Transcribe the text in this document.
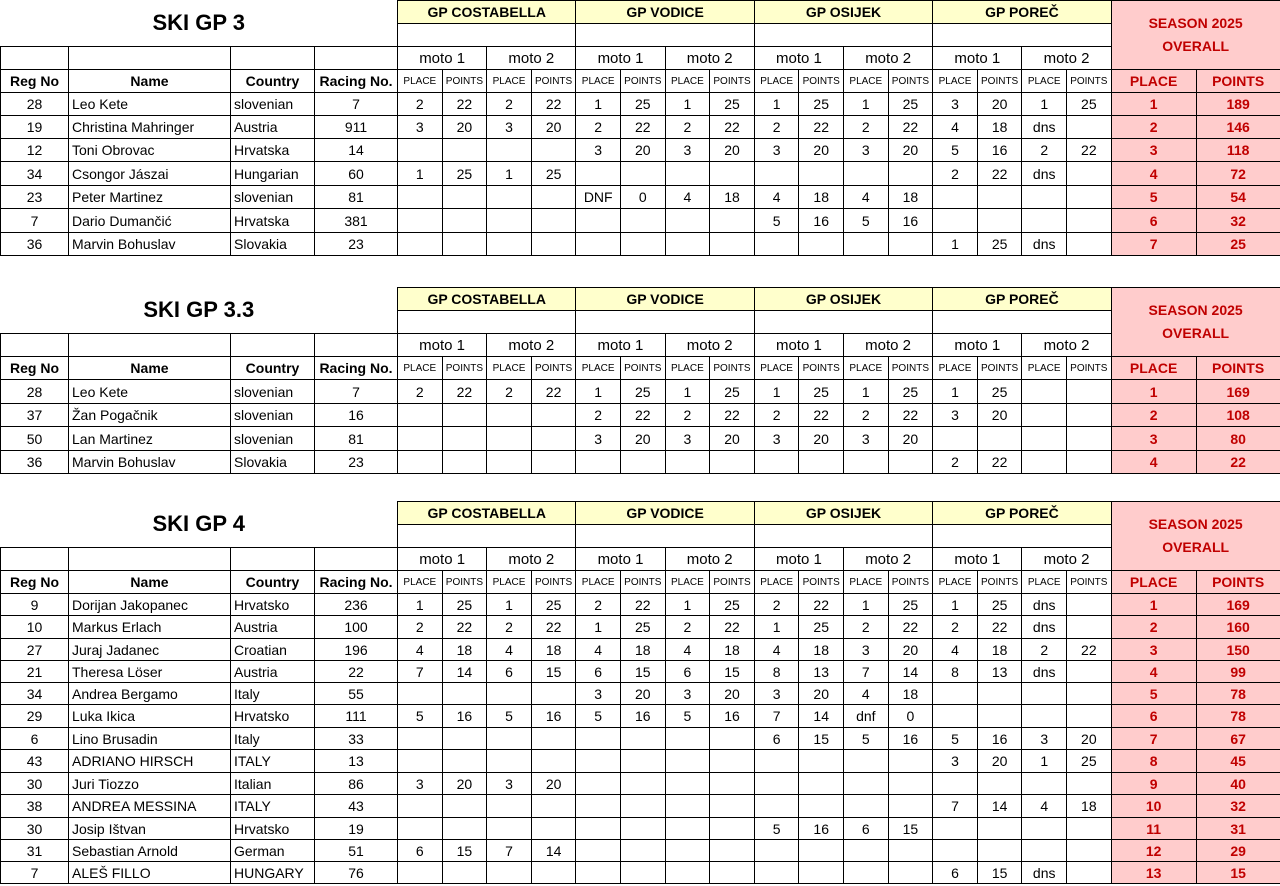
SKI GP 3				GP COSTABELLA				GP VODICE				GP OSIJEK				GP POREČ				SEASON 2025
OVERALL	

				moto 1		moto 2		moto 1		moto 2		moto 1		moto 2		moto 1		moto 2			
Reg No	Name	Country	Racing No.	PLACE	POINTS	PLACE	POINTS	PLACE	POINTS	PLACE	POINTS	PLACE	POINTS	PLACE	POINTS	PLACE	POINTS	PLACE	POINTS	PLACE	POINTS
28	Leo Kete	slovenian	7	2	22	2	22	1	25	1	25	1	25	1	25	3	20	1	25	1	189
19	Christina Mahringer	Austria	911	3	20	3	20	2	22	2	22	2	22	2	22	4	18	dns		2	146
12	Toni Obrovac	Hrvatska	14					3	20	3	20	3	20	3	20	5	16	2	22	3	118
34	Csongor Jászai	Hungarian	60	1	25	1	25									2	22	dns		4	72
23	Peter Martinez	slovenian	81					DNF	0	4	18	4	18	4	18					5	54
7	Dario Dumančić	Hrvatska	381									5	16	5	16					6	32
36	Marvin Bohuslav	Slovakia	23													1	25	dns		7	25
SKI GP 3.3				GP COSTABELLA				GP VODICE				GP OSIJEK				GP POREČ				SEASON 2025
OVERALL	

				moto 1		moto 2		moto 1		moto 2		moto 1		moto 2		moto 1		moto 2			
Reg No	Name	Country	Racing No.	PLACE	POINTS	PLACE	POINTS	PLACE	POINTS	PLACE	POINTS	PLACE	POINTS	PLACE	POINTS	PLACE	POINTS	PLACE	POINTS	PLACE	POINTS
28	Leo Kete	slovenian	7	2	22	2	22	1	25	1	25	1	25	1	25	1	25			1	169
37	Žan Pogačnik	slovenian	16					2	22	2	22	2	22	2	22	3	20			2	108
50	Lan Martinez	slovenian	81					3	20	3	20	3	20	3	20					3	80
36	Marvin Bohuslav	Slovakia	23													2	22			4	22
SKI GP 4				GP COSTABELLA				GP VODICE				GP OSIJEK				GP POREČ				SEASON 2025
OVERALL	

				moto 1		moto 2		moto 1		moto 2		moto 1		moto 2		moto 1		moto 2			
Reg No	Name	Country	Racing No.	PLACE	POINTS	PLACE	POINTS	PLACE	POINTS	PLACE	POINTS	PLACE	POINTS	PLACE	POINTS	PLACE	POINTS	PLACE	POINTS	PLACE	POINTS
9	Dorijan Jakopanec	Hrvatsko	236	1	25	1	25	2	22	1	25	2	22	1	25	1	25	dns		1	169
10	Markus Erlach	Austria	100	2	22	2	22	1	25	2	22	1	25	2	22	2	22	dns		2	160
27	Juraj Jadanec	Croatian	196	4	18	4	18	4	18	4	18	4	18	3	20	4	18	2	22	3	150
21	Theresa Löser	Austria	22	7	14	6	15	6	15	6	15	8	13	7	14	8	13	dns		4	99
34	Andrea Bergamo	Italy	55					3	20	3	20	3	20	4	18					5	78
29	Luka Ikica	Hrvatsko	111	5	16	5	16	5	16	5	16	7	14	dnf	0					6	78
6	Lino Brusadin	Italy	33									6	15	5	16	5	16	3	20	7	67
43	ADRIANO HIRSCH	ITALY	13													3	20	1	25	8	45
30	Juri Tiozzo	Italian	86	3	20	3	20													9	40
38	ANDREA MESSINA	ITALY	43													7	14	4	18	10	32
30	Josip Ištvan	Hrvatsko	19									5	16	6	15					11	31
31	Sebastian Arnold	German	51	6	15	7	14													12	29
7	ALEŠ FILLO	HUNGARY	76													6	15	dns		13	15
